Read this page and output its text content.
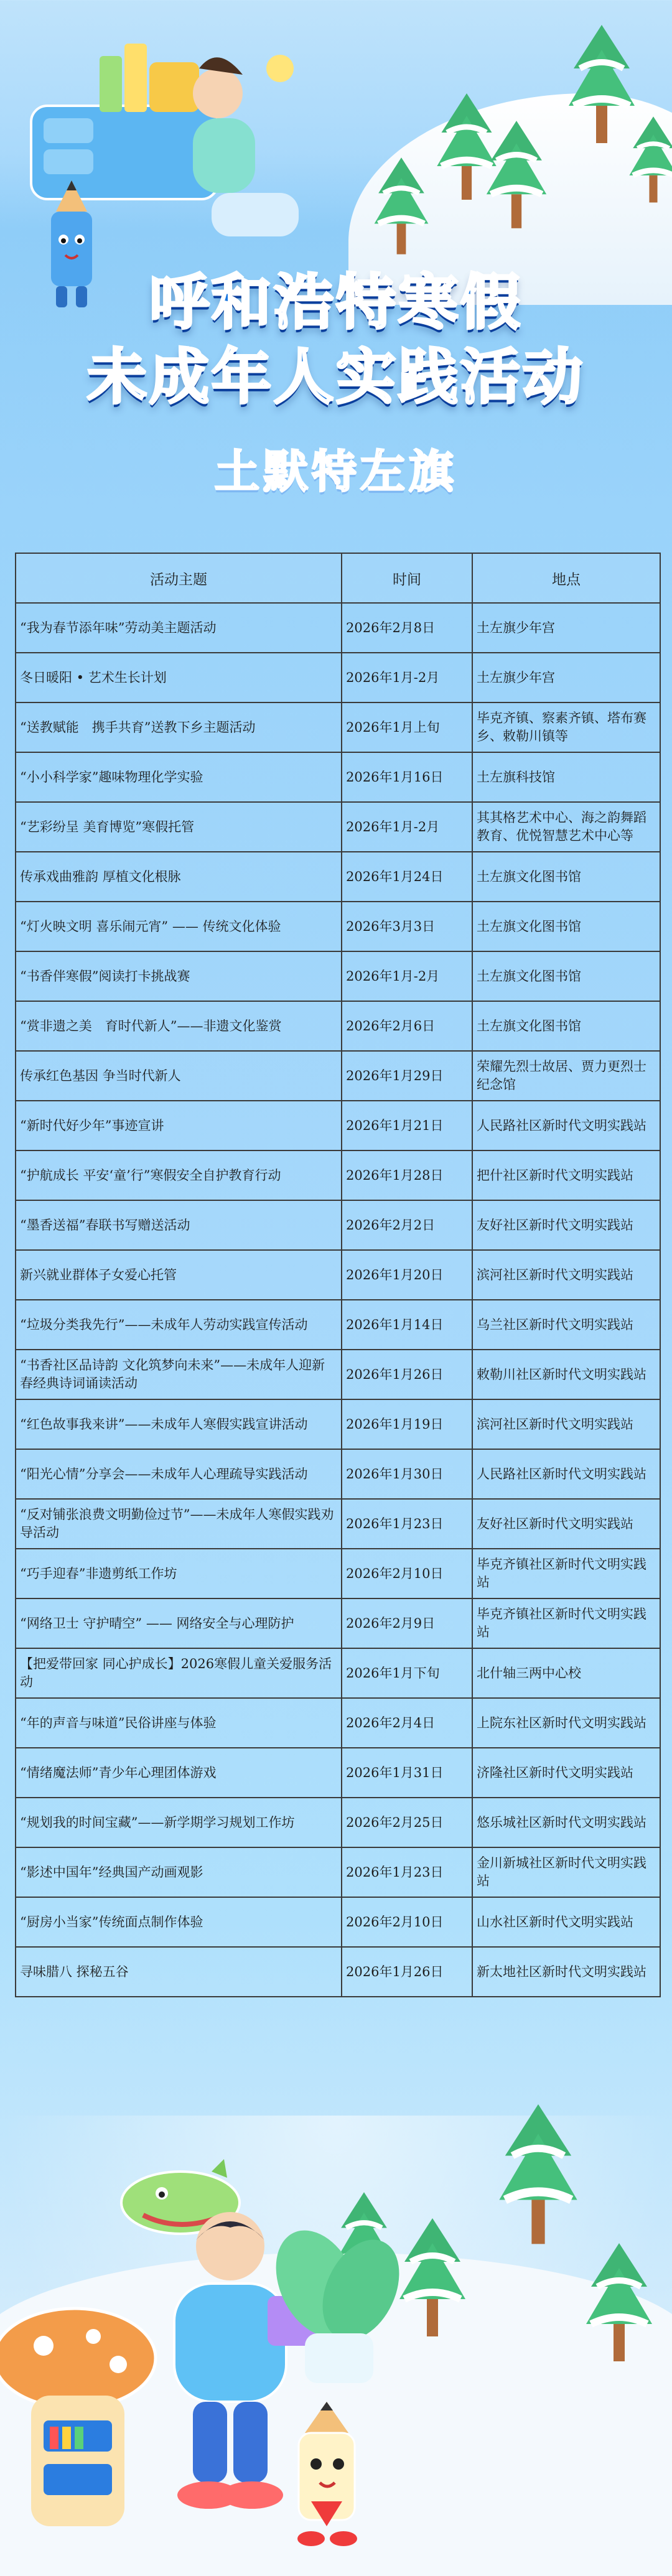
呼和浩特寒假
未成年人实践活动
土默特左旗
活动主题	时间	地点
“我为春节添年味”劳动美主题活动	2026年2月8日	土左旗少年宫
冬日暖阳 • 艺术生长计划	2026年1月-2月	土左旗少年宫
“送教赋能　携手共育”送教下乡主题活动	2026年1月上旬	毕克齐镇、察素齐镇、塔布赛乡、敕勒川镇等
“小小科学家”趣味物理化学实验	2026年1月16日	土左旗科技馆
“艺彩纷呈 美育博览”寒假托管	2026年1月-2月	其其格艺术中心、海之韵舞蹈教育、优悦智慧艺术中心等
传承戏曲雅韵 厚植文化根脉	2026年1月24日	土左旗文化图书馆
“灯火映文明 喜乐闹元宵” —— 传统文化体验	2026年3月3日	土左旗文化图书馆
“书香伴寒假”阅读打卡挑战赛	2026年1月-2月	土左旗文化图书馆
“赏非遗之美　育时代新人”——非遗文化鉴赏	2026年2月6日	土左旗文化图书馆
传承红色基因 争当时代新人	2026年1月29日	荣耀先烈士故居、贾力更烈士纪念馆
“新时代好少年”事迹宣讲	2026年1月21日	人民路社区新时代文明实践站
“护航成长 平安‘童’行”寒假安全自护教育行动	2026年1月28日	把什社区新时代文明实践站
“墨香送福”春联书写赠送活动	2026年2月2日	友好社区新时代文明实践站
新兴就业群体子女爱心托管	2026年1月20日	滨河社区新时代文明实践站
“垃圾分类我先行”——未成年人劳动实践宣传活动	2026年1月14日	乌兰社区新时代文明实践站
“书香社区品诗韵 文化筑梦向未来”——未成年人迎新春经典诗词诵读活动	2026年1月26日	敕勒川社区新时代文明实践站
“红色故事我来讲”——未成年人寒假实践宣讲活动	2026年1月19日	滨河社区新时代文明实践站
“阳光心情”分享会——未成年人心理疏导实践活动	2026年1月30日	人民路社区新时代文明实践站
“反对铺张浪费文明勤俭过节”——未成年人寒假实践劝导活动	2026年1月23日	友好社区新时代文明实践站
“巧手迎春”非遗剪纸工作坊	2026年2月10日	毕克齐镇社区新时代文明实践站
“网络卫士 守护晴空” —— 网络安全与心理防护	2026年2月9日	毕克齐镇社区新时代文明实践站
【把爱带回家 同心护成长】2026寒假儿童关爱服务活动	2026年1月下旬	北什轴三两中心校
“年的声音与味道”民俗讲座与体验	2026年2月4日	上院东社区新时代文明实践站
“情绪魔法师”青少年心理团体游戏	2026年1月31日	济隆社区新时代文明实践站
“规划我的时间宝藏”——新学期学习规划工作坊	2026年2月25日	悠乐城社区新时代文明实践站
“影述中国年”经典国产动画观影	2026年1月23日	金川新城社区新时代文明实践站
“厨房小当家”传统面点制作体验	2026年2月10日	山水社区新时代文明实践站
寻味腊八 探秘五谷	2026年1月26日	新太地社区新时代文明实践站
